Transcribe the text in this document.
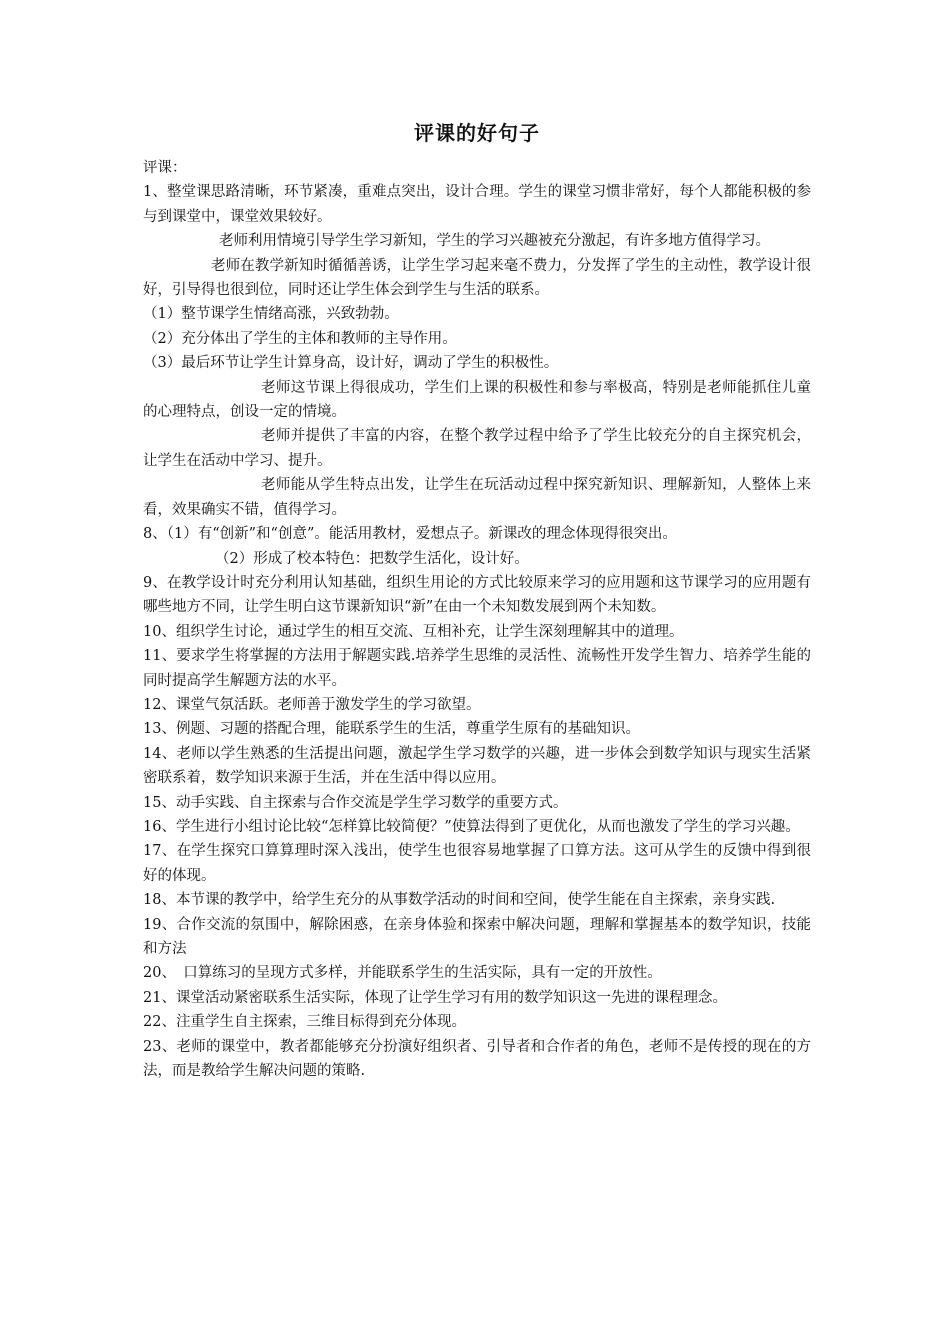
评课的好句子

评课：

1、整堂课思路清晰，环节紧凑，重难点突出，设计合理。学生的课堂习惯非常好，每个人都能积极的参与到课堂中，课堂效果较好。

老师利用情境引导学生学习新知，学生的学习兴趣被充分激起，有许多地方值得学习。

老师在教学新知时循循善诱，让学生学习起来毫不费力，分发挥了学生的主动性，教学设计很好，引导得也很到位，同时还让学生体会到学生与生活的联系。

（1）整节课学生情绪高涨，兴致勃勃。

（2）充分体出了学生的主体和教师的主导作用。

（3）最后环节让学生计算身高，设计好，调动了学生的积极性。

老师这节课上得很成功，学生们上课的积极性和参与率极高，特别是老师能抓住儿童的心理特点，创设一定的情境。

老师并提供了丰富的内容，在整个教学过程中给予了学生比较充分的自主探究机会，让学生在活动中学习、提升。

老师能从学生特点出发，让学生在玩活动过程中探究新知识、理解新知，人整体上来看，效果确实不错，值得学习。

8、（1）有“创新”和“创意”。能活用教材，爱想点子。新课改的理念体现得很突出。

（2）形成了校本特色：把数学生活化，设计好。

9、在教学设计时充分利用认知基础，组织生用论的方式比较原来学习的应用题和这节课学习的应用题有哪些地方不同，让学生明白这节课新知识“新”在由一个未知数发展到两个未知数。

10、组织学生讨论，通过学生的相互交流、互相补充，让学生深刻理解其中的道理。

11、要求学生将掌握的方法用于解题实践.培养学生思维的灵活性、流畅性开发学生智力、培养学生能的同时提高学生解题方法的水平。

12、课堂气氛活跃。老师善于激发学生的学习欲望。

13、例题、习题的搭配合理，能联系学生的生活，尊重学生原有的基础知识。

14、老师以学生熟悉的生活提出问题，激起学生学习数学的兴趣，进一步体会到数学知识与现实生活紧密联系着，数学知识来源于生活，并在生活中得以应用。

15、动手实践、自主探索与合作交流是学生学习数学的重要方式。

16、学生进行小组讨论比较“怎样算比较简便？”使算法得到了更优化，从而也激发了学生的学习兴趣。

17、在学生探究口算算理时深入浅出，使学生也很容易地掌握了口算方法。这可从学生的反馈中得到很好的体现。

18、本节课的教学中，给学生充分的从事数学活动的时间和空间，使学生能在自主探索，亲身实践.

19、合作交流的氛围中，解除困惑，在亲身体验和探索中解决问题，理解和掌握基本的数学知识，技能和方法

20、　口算练习的呈现方式多样，并能联系学生的生活实际，具有一定的开放性。

21、课堂活动紧密联系生活实际，体现了让学生学习有用的数学知识这一先进的课程理念。

22、注重学生自主探索，三维目标得到充分体现。

23、老师的课堂中，教者都能够充分扮演好组织者、引导者和合作者的角色，老师不是传授的现在的方法，而是教给学生解决问题的策略.
